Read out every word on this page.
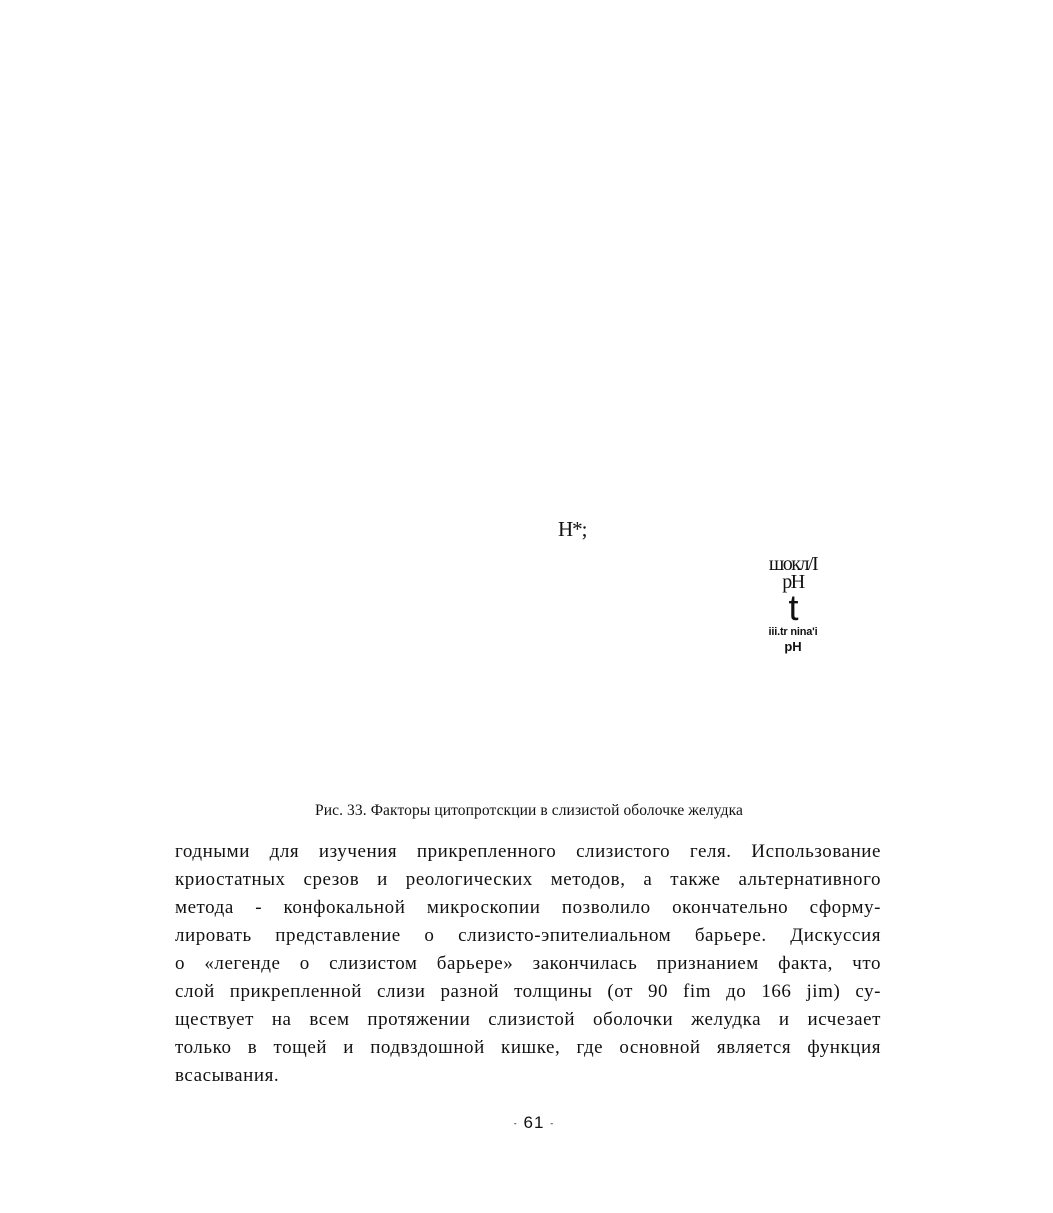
H*;
шокл/I
pH
t
iii.tr nina'i
pH
Рис. 33. Факторы цитопротскции в слизистой оболочке желудка
годными для изучения прикрепленного слизистого геля. Использование
криостатных срезов и реологических методов, а также альтернативного
метода - конфокальной микроскопии позволило окончательно сформу-
лировать представление о слизисто-эпителиальном барьере. Дискуссия
о «легенде о слизистом барьере» закончилась признанием факта, что
слой прикрепленной слизи разной толщины (от 90 fim до 166 jim) су-
ществует на всем протяжении слизистой оболочки желудка и исчезает
только в тощей и подвздошной кишке, где основной является функция
всасывания.
- 61 -
